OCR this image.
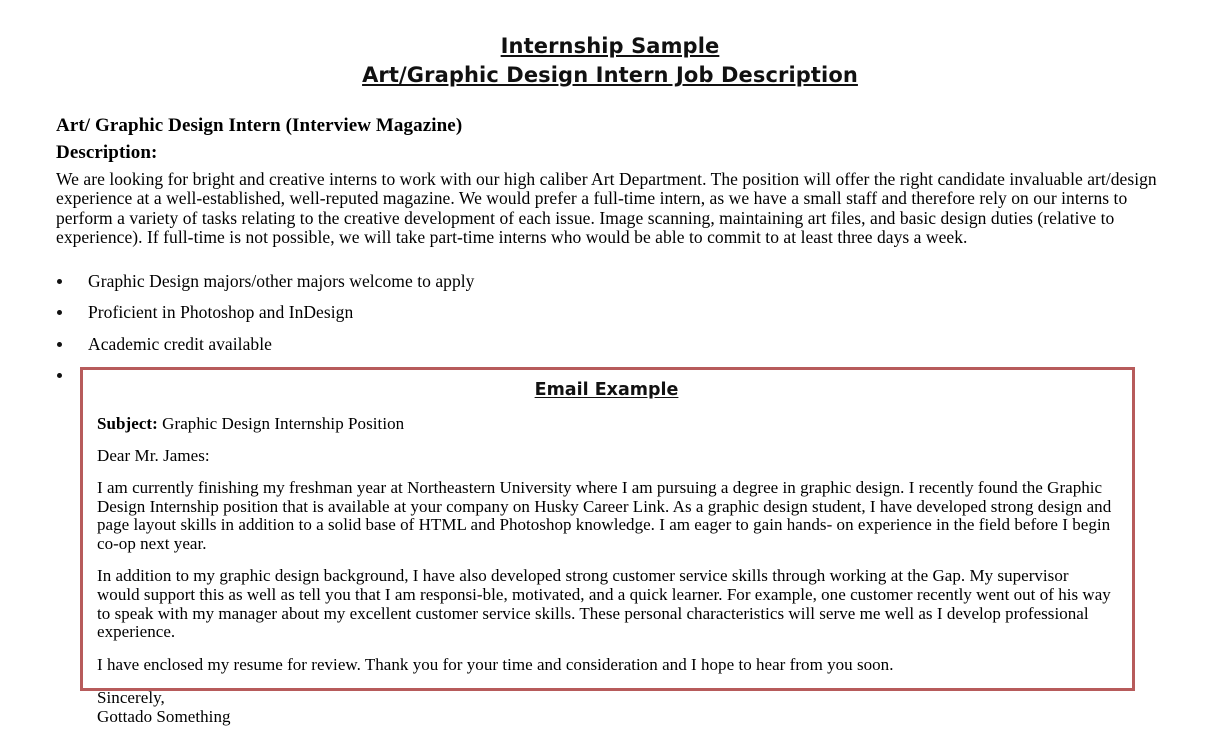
Internship Sample
Art/Graphic Design Intern Job Description
Art/ Graphic Design Intern (Interview Magazine)
Description:

We are looking for bright and creative interns to work with our high caliber Art Department. The position will offer the right candidate invaluable art/design experience at a well-established, well-reputed magazine. We would prefer a full-time intern, as we have a small staff and therefore rely on our interns to perform a variety of tasks relating to the creative development of each issue. Image scanning, maintaining art files, and basic design duties (relative to experience). If full-time is not possible, we will take part-time interns who would be able to commit to at least three days a week.

Graphic Design majors/other majors welcome to apply
Proficient in Photoshop and InDesign
Academic credit available
Email Example

Subject: Graphic Design Internship Position

Dear Mr. James:

I am currently finishing my freshman year at Northeastern University where I am pursuing a degree in graphic design. I recently found the Graphic Design Internship position that is available at your company on Husky Career Link. As a graphic design student, I have developed strong design and page layout skills in addition to a solid base of HTML and Photoshop knowledge. I am eager to gain hands- on experience in the field before I begin co-op next year.

In addition to my graphic design background, I have also developed strong customer service skills through working at the Gap. My supervisor would support this as well as tell you that I am responsi-ble, motivated, and a quick learner. For example, one customer recently went out of his way to speak with my manager about my excellent customer service skills. These personal characteristics will serve me well as I develop professional experience.

I have enclosed my resume for review. Thank you for your time and consideration and I hope to hear from you soon.

Sincerely,
Gottado Something
